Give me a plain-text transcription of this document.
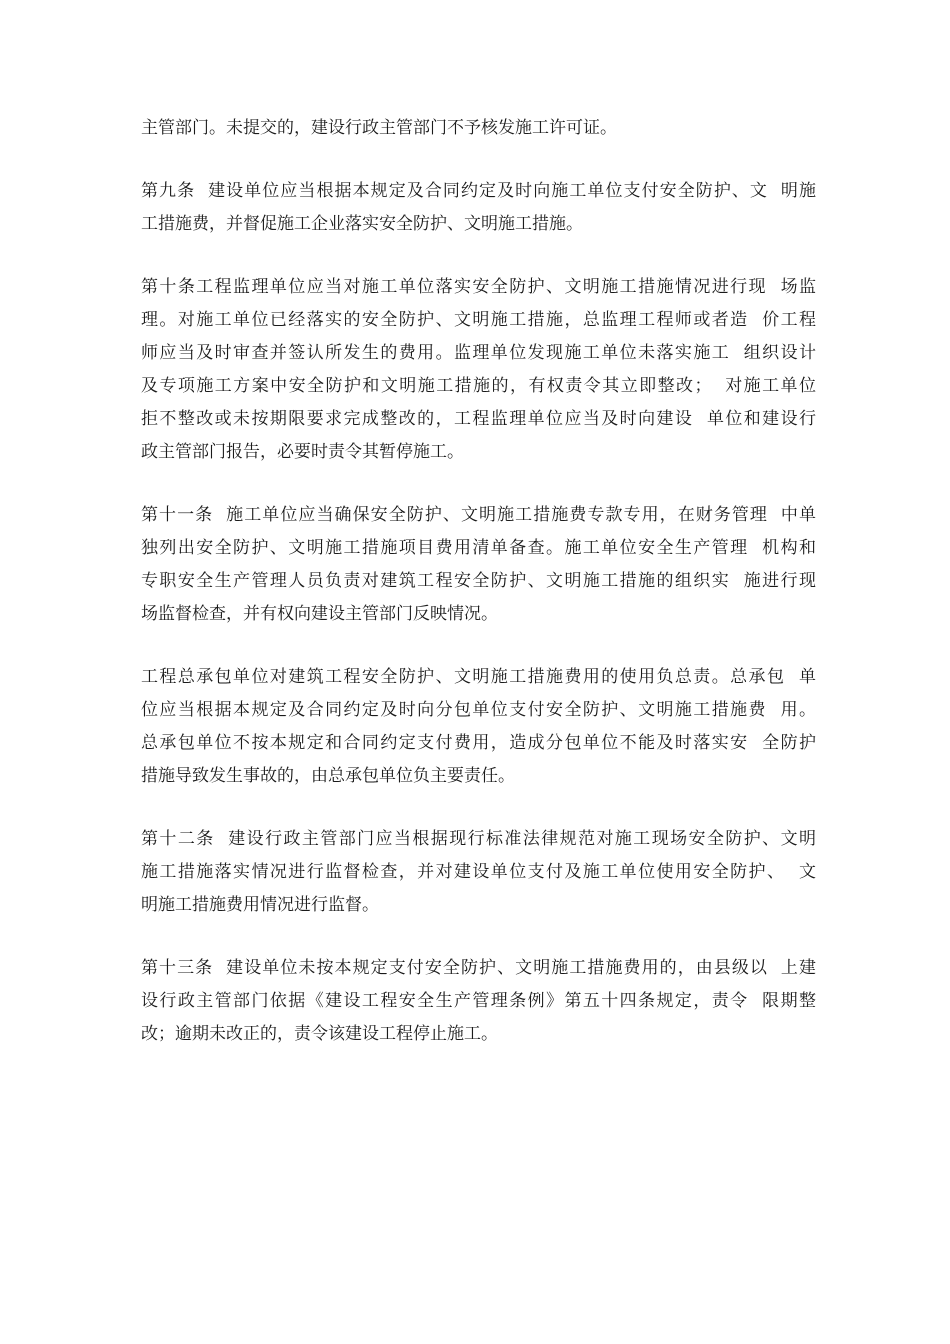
主管部门。未提交的，建设行政主管部门不予核发施工许可证。
第九条  建设单位应当根据本规定及合同约定及时向施工单位支付安全防护、文  明施
工措施费，并督促施工企业落实安全防护、文明施工措施。
第十条工程监理单位应当对施工单位落实安全防护、文明施工措施情况进行现  场监
理。对施工单位已经落实的安全防护、文明施工措施，总监理工程师或者造  价工程
师应当及时审查并签认所发生的费用。监理单位发现施工单位未落实施工  组织设计
及专项施工方案中安全防护和文明施工措施的，有权责令其立即整改；  对施工单位
拒不整改或未按期限要求完成整改的，工程监理单位应当及时向建设  单位和建设行
政主管部门报告，必要时责令其暂停施工。
第十一条  施工单位应当确保安全防护、文明施工措施费专款专用，在财务管理  中单
独列出安全防护、文明施工措施项目费用清单备查。施工单位安全生产管理  机构和
专职安全生产管理人员负责对建筑工程安全防护、文明施工措施的组织实  施进行现
场监督检查，并有权向建设主管部门反映情况。
工程总承包单位对建筑工程安全防护、文明施工措施费用的使用负总责。总承包  单
位应当根据本规定及合同约定及时向分包单位支付安全防护、文明施工措施费  用。
总承包单位不按本规定和合同约定支付费用，造成分包单位不能及时落实安  全防护
措施导致发生事故的，由总承包单位负主要责任。
第十二条  建设行政主管部门应当根据现行标准法律规范对施工现场安全防护、文明
施工措施落实情况进行监督检查，并对建设单位支付及施工单位使用安全防护、  文
明施工措施费用情况进行监督。
第十三条  建设单位未按本规定支付安全防护、文明施工措施费用的，由县级以  上建
设行政主管部门依据《建设工程安全生产管理条例》第五十四条规定，责令  限期整
改；逾期未改正的，责令该建设工程停止施工。
